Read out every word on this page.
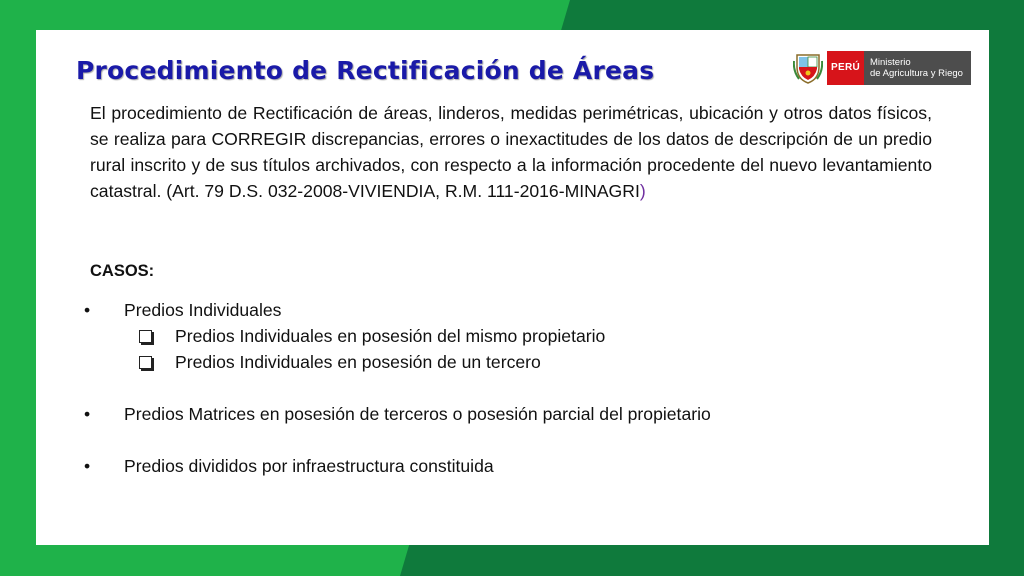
Procedimiento de Rectificación de Áreas	PERÚ	Ministerio
de Agricultura y Riego

El procedimiento de Rectificación de áreas, linderos, medidas perimétricas, ubicación y otros datos físicos, se realiza para CORREGIR discrepancias, errores o inexactitudes de los datos de descripción de un predio rural inscrito y de sus títulos archivados, con respecto a la información procedente del nuevo levantamiento catastral. (Art. 79 D.S. 032-2008-VIVIENDIA, R.M. 111-2016-MINAGRI)

CASOS:
•	Predios Individuales
Predios Individuales en posesión del mismo propietario
Predios Individuales en posesión de un tercero
•	Predios Matrices en posesión de terceros o posesión parcial del propietario
•	Predios divididos por infraestructura constituida
